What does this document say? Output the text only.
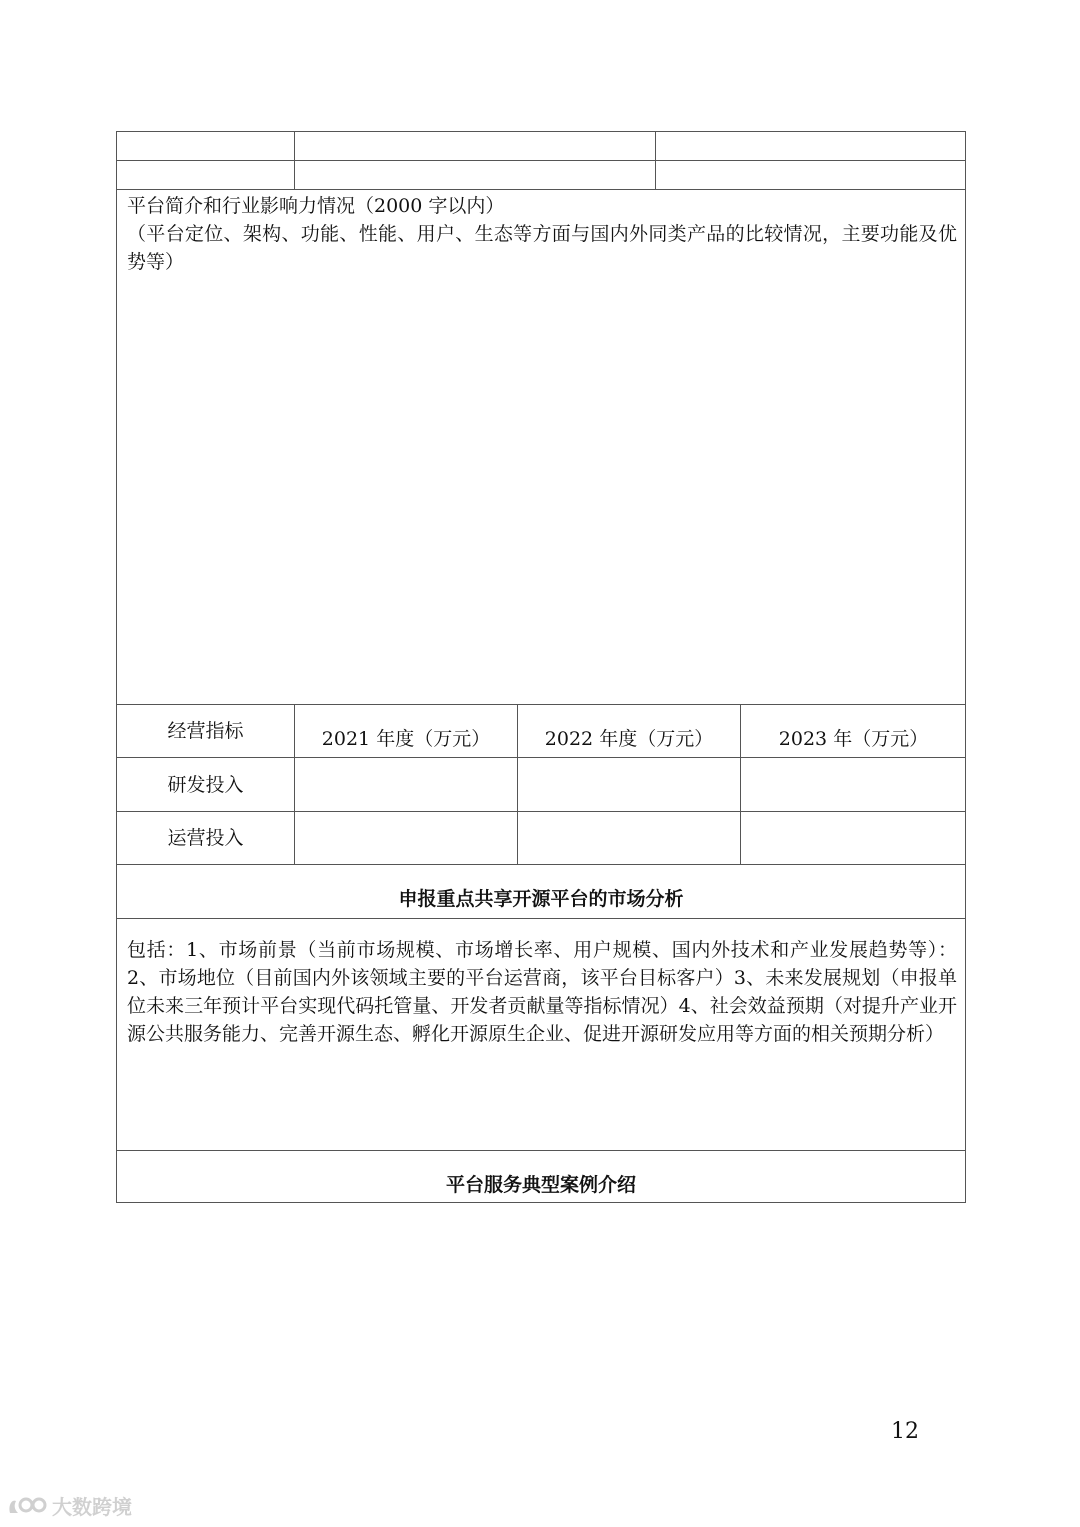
平台简介和行业影响力情况（2000 字以内）
（平台定位、架构、功能、性能、用户、生态等方面与国内外同类产品的比较情况，主要功能及优势等）
经营指标	2021 年度（万元）	2022 年度（万元）	2023 年（万元）
研发投入
运营投入
申报重点共享开源平台的市场分析
包括：1、市场前景（当前市场规模、市场增长率、用户规模、国内外技术和产业发展趋势等）：2、市场地位（目前国内外该领域主要的平台运营商，该平台目标客户）3、未来发展规划（申报单位未来三年预计平台实现代码托管量、开发者贡献量等指标情况）4、社会效益预期（对提升产业开源公共服务能力、完善开源生态、孵化开源原生企业、促进开源研发应用等方面的相关预期分析）
平台服务典型案例介绍
12
大数跨境
